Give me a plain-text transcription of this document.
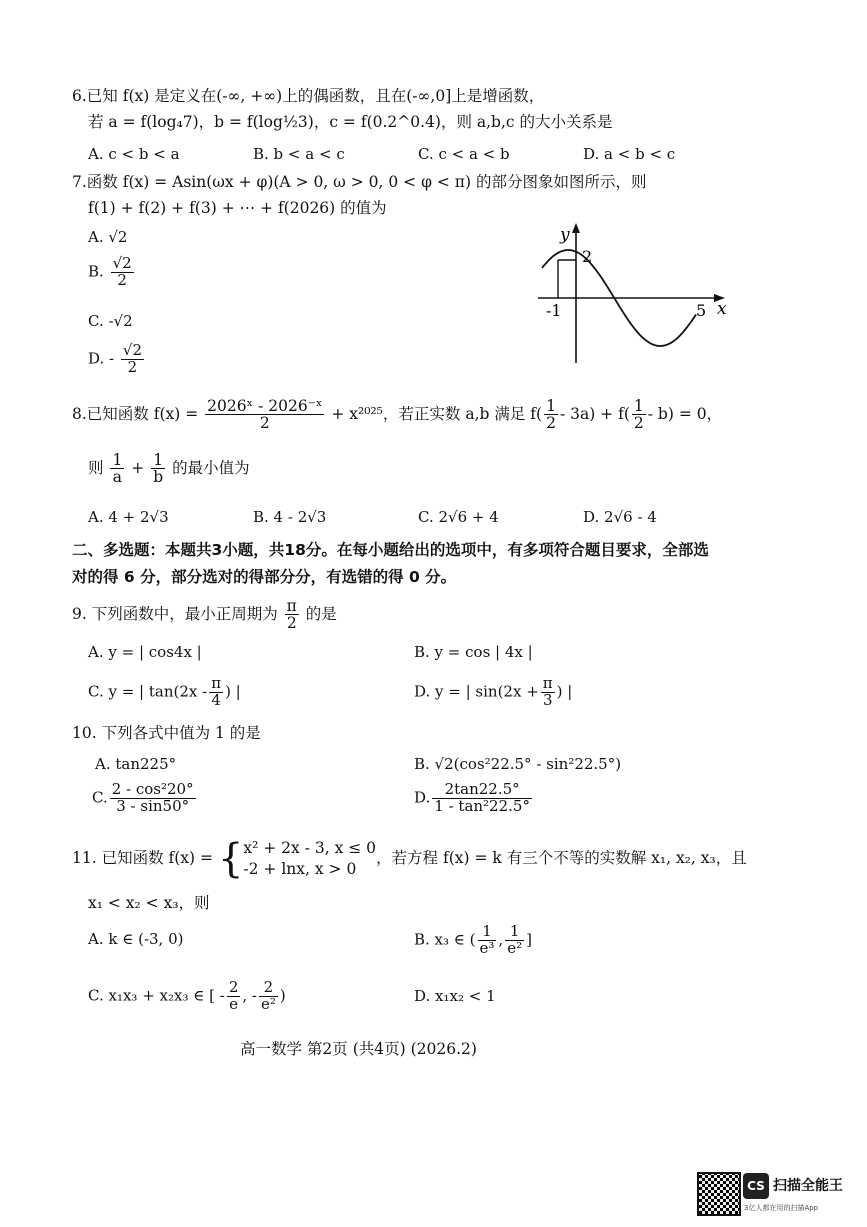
6.已知 f(x) 是定义在(-∞, +∞)上的偶函数，且在(-∞,0]上是增函数，
若 a = f(log₄7)，b = f(log½3)，c = f(0.2^0.4)，则 a,b,c 的大小关系是
A. c < b < a	B. b < a < c	C. c < a < b	D. a < b < c
7.函数 f(x) = Asin(ωx + φ)(A > 0, ω > 0, 0 < φ < π) 的部分图象如图所示，则
f(1) + f(2) + f(3) + ⋯ + f(2026) 的值为
A. √2
B. $\frac{√2}{2}$
C. -√2
D. - $\frac{√2}{2}$
y
x
2
-1	5
8.已知函数 $f(x) = \frac{\text{2026ˣ - 2026⁻ˣ}}{2} + x^{2025}$，若正实数 a,b 满足 $f( \frac{1}{2} - 3a) + f( \frac{1}{2} - b) = 0$，
则 $\frac{1}{a} + \frac{1}{b}$ 的最小值为
A. 4 + 2√3	B. 4 - 2√3	C. 2√6 + 4	D. 2√6 - 4
二、多选题：本题共3小题，共18分。在每小题给出的选项中，有多项符合题目要求，全部选
对的得 6 分，部分选对的得部分分，有选错的得 0 分。
9. 下列函数中，最小正周期为 $\frac{\pi}{2}$ 的是
A. y = | cos4x |	B. y = cos | 4x |
C. y = | $\tan(2x - \frac{\pi}{4}$ ) |	D. y = | $\sin(2x + \frac{\pi}{3}$ ) |
10. 下列各式中值为 1 的是
A. tan225°	B. √2(cos²22.5° - sin²22.5°)
C. $\frac{\text{2 - cos²20°}}{3 - \sin 50^\circ}$	D. $\frac{2\tan 22.5^\circ}{\text{1 - tan²22.5°}}$
11. 已知函数 f(x) = { x² + 2x - 3, x ≤ 0
-2 + lnx, x > 0
，若方程 f(x) = k 有三个不等的实数解 x₁, x₂, x₃，且
x₁ < x₂ < x₃，则
A. k ∈ (-3, 0)	B. x₃ ∈ ( $\frac{1}{\text{e³}}$ , $\frac{1}{\text{e²}}$ ]
C. x₁x₃ + x₂x₃ ∈ [ - $\frac{2}{e}$ , - $\frac{2}{\text{e²}}$ )	D. x₁x₂ < 1
高一数学 第2页 (共4页) (2026.2)
CS 扫描全能王
3亿人都在用的扫描App
